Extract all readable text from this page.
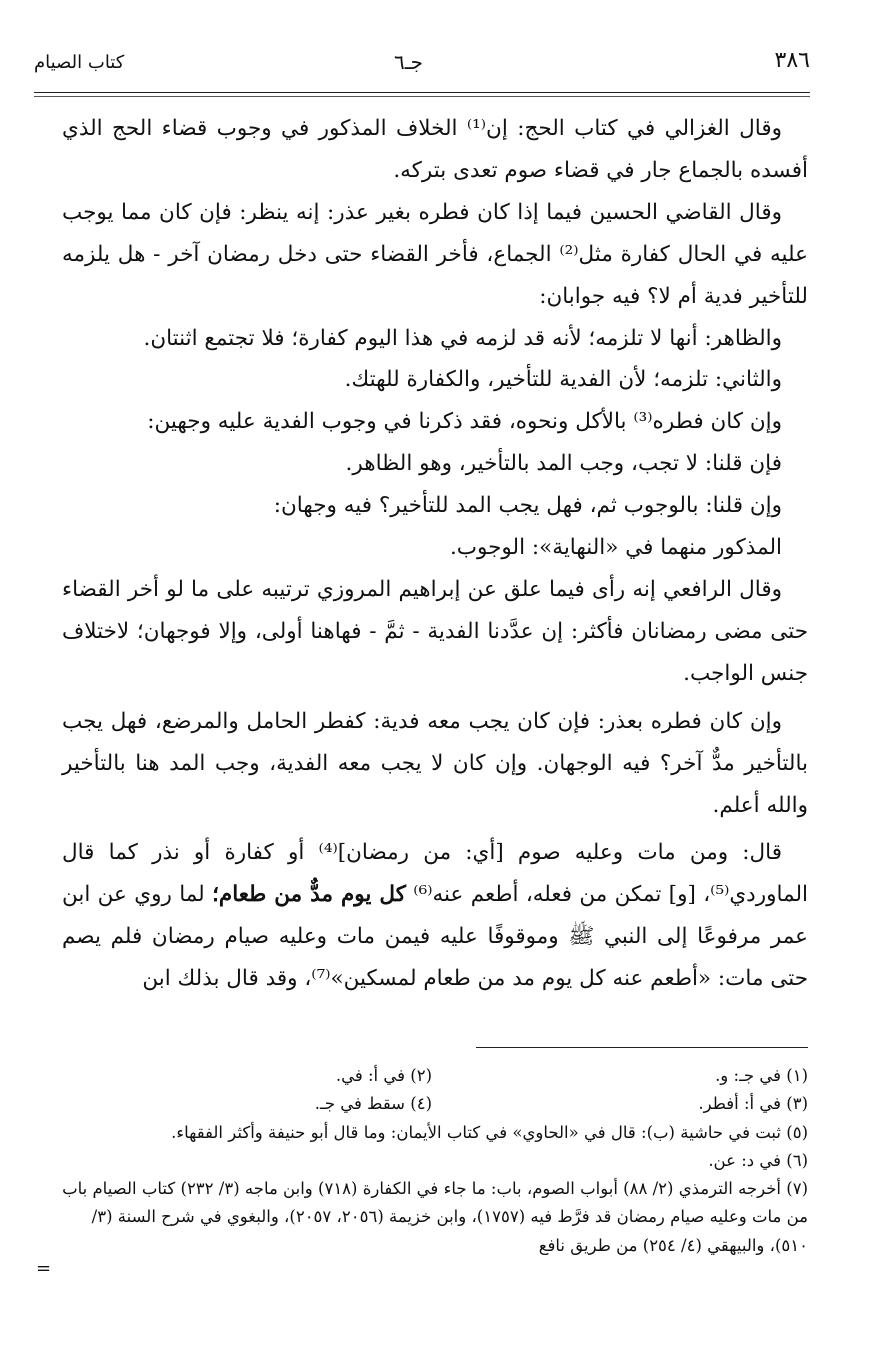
٣٨٦
جـ٦
كتاب الصيام

وقال الغزالي في كتاب الحج: إن⁽¹⁾ الخلاف المذكور في وجوب قضاء الحج الذي أفسده بالجماع جار في قضاء صوم تعدى بتركه.

وقال القاضي الحسين فيما إذا كان فطره بغير عذر: إنه ينظر: فإن كان مما يوجب عليه في الحال كفارة مثل⁽²⁾ الجماع، فأخر القضاء حتى دخل رمضان آخر - هل يلزمه للتأخير فدية أم لا؟ فيه جوابان:

والظاهر: أنها لا تلزمه؛ لأنه قد لزمه في هذا اليوم كفارة؛ فلا تجتمع اثنتان.

والثاني: تلزمه؛ لأن الفدية للتأخير، والكفارة للهتك.

وإن كان فطره⁽³⁾ بالأكل ونحوه، فقد ذكرنا في وجوب الفدية عليه وجهين:

فإن قلنا: لا تجب، وجب المد بالتأخير، وهو الظاهر.

وإن قلنا: بالوجوب ثم، فهل يجب المد للتأخير؟ فيه وجهان:

المذكور منهما في «النهاية»: الوجوب.

وقال الرافعي إنه رأى فيما علق عن إبراهيم المروزي ترتيبه على ما لو أخر القضاء حتى مضى رمضانان فأكثر: إن عدَّدنا الفدية - ثمَّ - فهاهنا أولى، وإلا فوجهان؛ لاختلاف جنس الواجب.

وإن كان فطره بعذر: فإن كان يجب معه فدية: كفطر الحامل والمرضع، فهل يجب بالتأخير مدٌّ آخر؟ فيه الوجهان. وإن كان لا يجب معه الفدية، وجب المد هنا بالتأخير والله أعلم.

قال: ومن مات وعليه صوم [أي: من رمضان]⁽⁴⁾ أو كفارة أو نذر كما قال الماوردي⁽⁵⁾، [و] تمكن من فعله، أطعم عنه⁽⁶⁾ كل يوم مدٌّ من طعام؛ لما روي عن ابن عمر مرفوعًا إلى النبي ﷺ وموقوفًا عليه فيمن مات وعليه صيام رمضان فلم يصم حتى مات: «أطعم عنه كل يوم مد من طعام لمسكين»⁽⁷⁾، وقد قال بذلك ابن

(١) في جـ: و.
(٢) في أ: في.
(٣) في أ: أفطر.
(٤) سقط في جـ.
(٥) ثبت في حاشية (ب): قال في «الحاوي» في كتاب الأيمان: وما قال أبو حنيفة وأكثر الفقهاء.
(٦) في د: عن.
(٧) أخرجه الترمذي (٢/ ٨٨) أبواب الصوم، باب: ما جاء في الكفارة (٧١٨) وابن ماجه (٣/ ٢٣٢) كتاب الصيام باب من مات وعليه صيام رمضان قد فرَّط فيه (١٧٥٧)، وابن خزيمة (٢٠٥٦، ٢٠٥٧)، والبغوي في شرح السنة (٣/ ٥١٠)، والبيهقي (٤/ ٢٥٤) من طريق نافع
=
